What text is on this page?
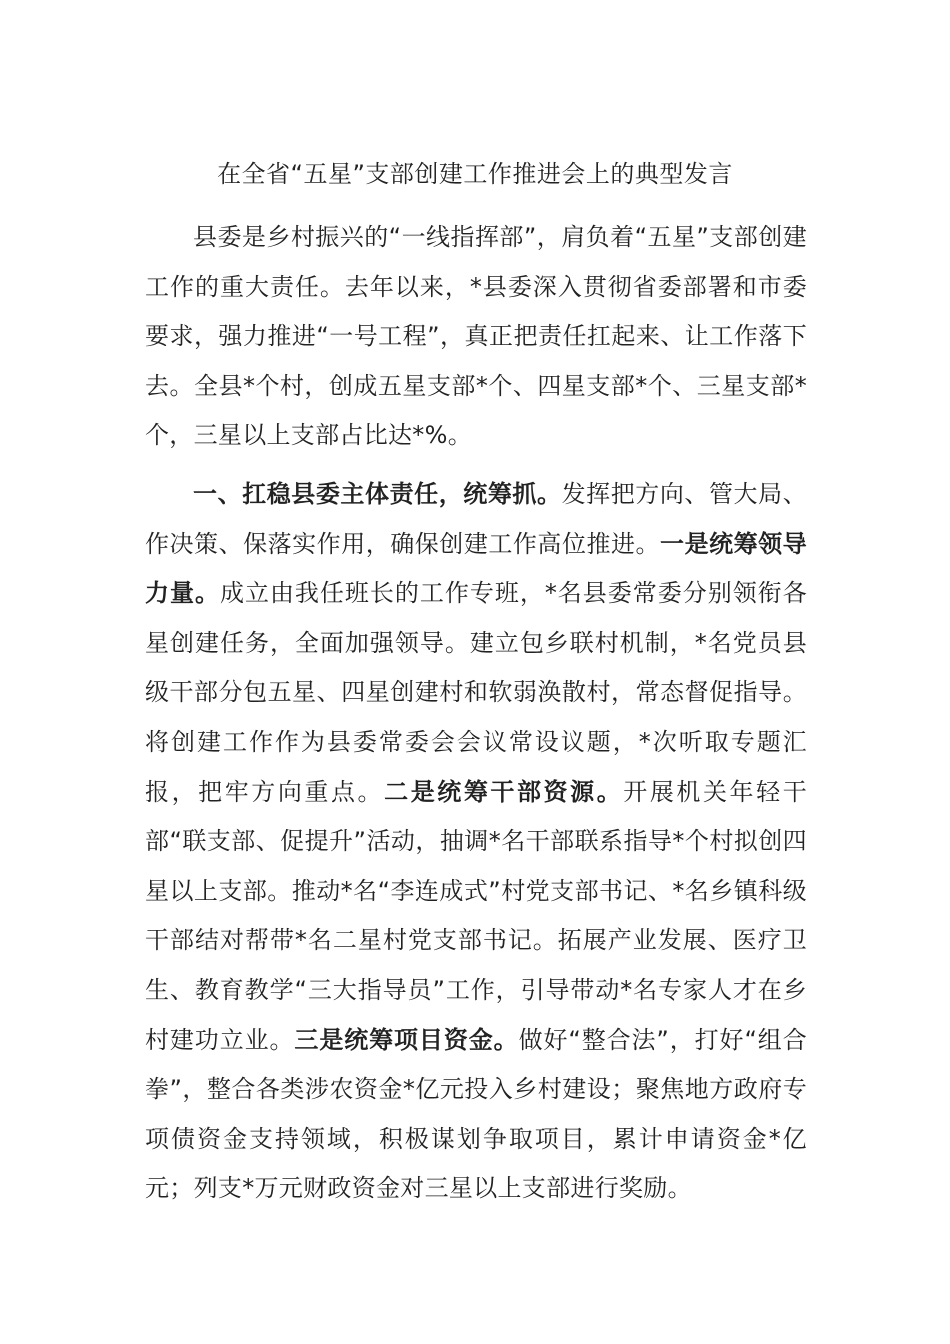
在全省“五星”支部创建工作推进会上的典型发言

县委是乡村振兴的“一线指挥部”，肩负着“五星”支部创建工作的重大责任。去年以来，*县委深入贯彻省委部署和市委要求，强力推进“一号工程”，真正把责任扛起来、让工作落下去。全县*个村，创成五星支部*个、四星支部*个、三星支部*个，三星以上支部占比达*%。

一、扛稳县委主体责任，统筹抓。发挥把方向、管大局、作决策、保落实作用，确保创建工作高位推进。一是统筹领导力量。成立由我任班长的工作专班，*名县委常委分别领衔各星创建任务，全面加强领导。建立包乡联村机制，*名党员县级干部分包五星、四星创建村和软弱涣散村，常态督促指导。将创建工作作为县委常委会会议常设议题，*次听取专题汇报，把牢方向重点。二是统筹干部资源。开展机关年轻干部“联支部、促提升”活动，抽调*名干部联系指导*个村拟创四星以上支部。推动*名“李连成式”村党支部书记、*名乡镇科级干部结对帮带*名二星村党支部书记。拓展产业发展、医疗卫生、教育教学“三大指导员”工作，引导带动*名专家人才在乡村建功立业。三是统筹项目资金。做好“整合法”，打好“组合拳”，整合各类涉农资金*亿元投入乡村建设；聚焦地方政府专项债资金支持领域，积极谋划争取项目，累计申请资金*亿元；列支*万元财政资金对三星以上支部进行奖励。
